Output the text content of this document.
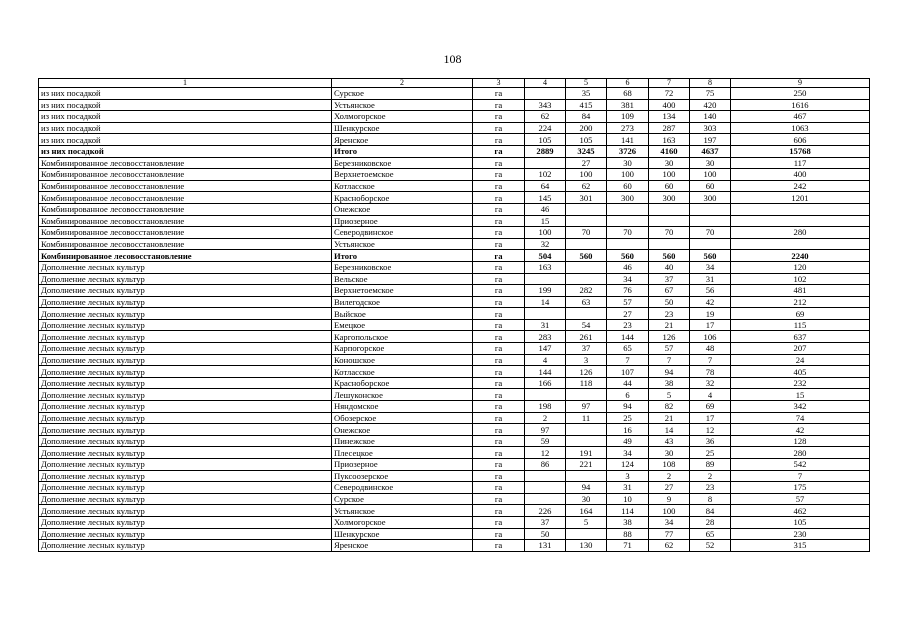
108
1	2	3	4	5	6	7	8	9
из них посадкой	Сурское	га		35	68	72	75	250
из них посадкой	Устьянское	га	343	415	381	400	420	1616
из них посадкой	Холмогорское	га	62	84	109	134	140	467
из них посадкой	Шенкурское	га	224	200	273	287	303	1063
из них посадкой	Яренское	га	105	105	141	163	197	606
из них посадкой	Итого	га	2889	3245	3726	4160	4637	15768
Комбинированное лесовосстановление	Березниковское	га		27	30	30	30	117
Комбинированное лесовосстановление	Верхнетоемское	га	102	100	100	100	100	400
Комбинированное лесовосстановление	Котласское	га	64	62	60	60	60	242
Комбинированное лесовосстановление	Красноборское	га	145	301	300	300	300	1201
Комбинированное лесовосстановление	Онежское	га	46					
Комбинированное лесовосстановление	Приозерное	га	15					
Комбинированное лесовосстановление	Северодвинское	га	100	70	70	70	70	280
Комбинированное лесовосстановление	Устьянское	га	32					
Комбинированное лесовосстановление	Итого	га	504	560	560	560	560	2240
Дополнение лесных культур	Березниковское	га	163		46	40	34	120
Дополнение лесных культур	Вельское	га			34	37	31	102
Дополнение лесных культур	Верхнетоемское	га	199	282	76	67	56	481
Дополнение лесных культур	Вилегодское	га	14	63	57	50	42	212
Дополнение лесных культур	Выйское	га			27	23	19	69
Дополнение лесных культур	Емецкое	га	31	54	23	21	17	115
Дополнение лесных культур	Каргопольское	га	283	261	144	126	106	637
Дополнение лесных культур	Карпогорское	га	147	37	65	57	48	207
Дополнение лесных культур	Коношское	га	4	3	7	7	7	24
Дополнение лесных культур	Котласское	га	144	126	107	94	78	405
Дополнение лесных культур	Красноборское	га	166	118	44	38	32	232
Дополнение лесных культур	Лешуконское	га			6	5	4	15
Дополнение лесных культур	Няндомское	га	198	97	94	82	69	342
Дополнение лесных культур	Обозерское	га	2	11	25	21	17	74
Дополнение лесных культур	Онежское	га	97		16	14	12	42
Дополнение лесных культур	Пинежское	га	59		49	43	36	128
Дополнение лесных культур	Плесецкое	га	12	191	34	30	25	280
Дополнение лесных культур	Приозерное	га	86	221	124	108	89	542
Дополнение лесных культур	Пуксоозерское	га			3	2	2	7
Дополнение лесных культур	Северодвинское	га		94	31	27	23	175
Дополнение лесных культур	Сурское	га		30	10	9	8	57
Дополнение лесных культур	Устьянское	га	226	164	114	100	84	462
Дополнение лесных культур	Холмогорское	га	37	5	38	34	28	105
Дополнение лесных культур	Шенкурское	га	50		88	77	65	230
Дополнение лесных культур	Яренское	га	131	130	71	62	52	315
